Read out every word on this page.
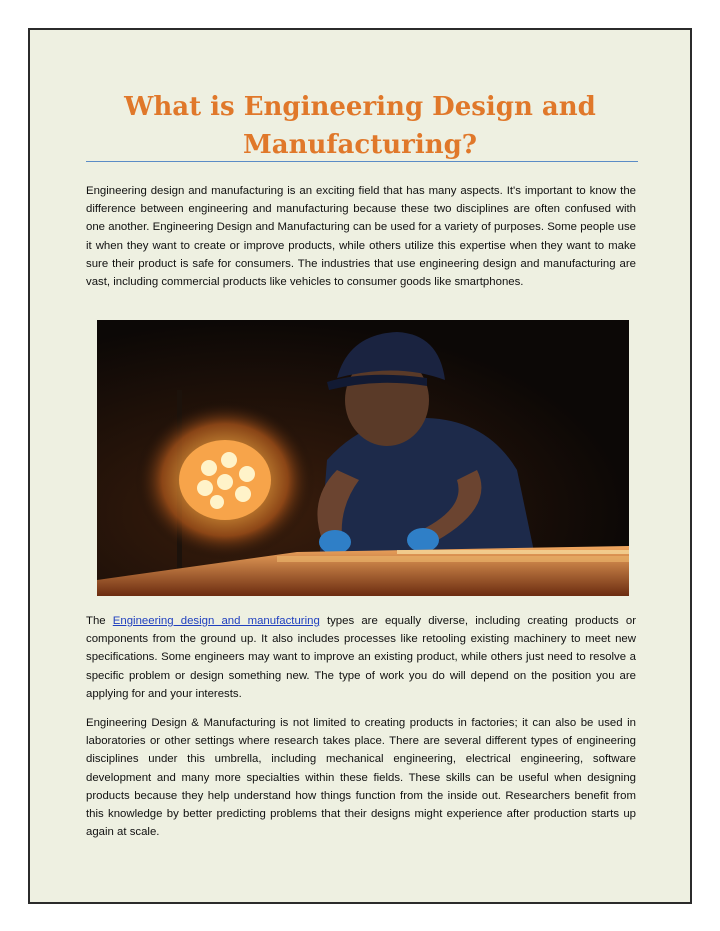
What is Engineering Design and Manufacturing?

Engineering design and manufacturing is an exciting field that has many aspects. It's important to know the difference between engineering and manufacturing because these two disciplines are often confused with one another. Engineering Design and Manufacturing can be used for a variety of purposes. Some people use it when they want to create or improve products, while others utilize this expertise when they want to make sure their product is safe for consumers. The industries that use engineering design and manufacturing are vast, including commercial products like vehicles to consumer goods like smartphones.

The Engineering design and manufacturing types are equally diverse, including creating products or components from the ground up. It also includes processes like retooling existing machinery to meet new specifications. Some engineers may want to improve an existing product, while others just need to resolve a specific problem or design something new. The type of work you do will depend on the position you are applying for and your interests.

Engineering Design & Manufacturing is not limited to creating products in factories; it can also be used in laboratories or other settings where research takes place. There are several different types of engineering disciplines under this umbrella, including mechanical engineering, electrical engineering, software development and many more specialties within these fields. These skills can be useful when designing products because they help understand how things function from the inside out. Researchers benefit from this knowledge by better predicting problems that their designs might experience after production starts up again at scale.
